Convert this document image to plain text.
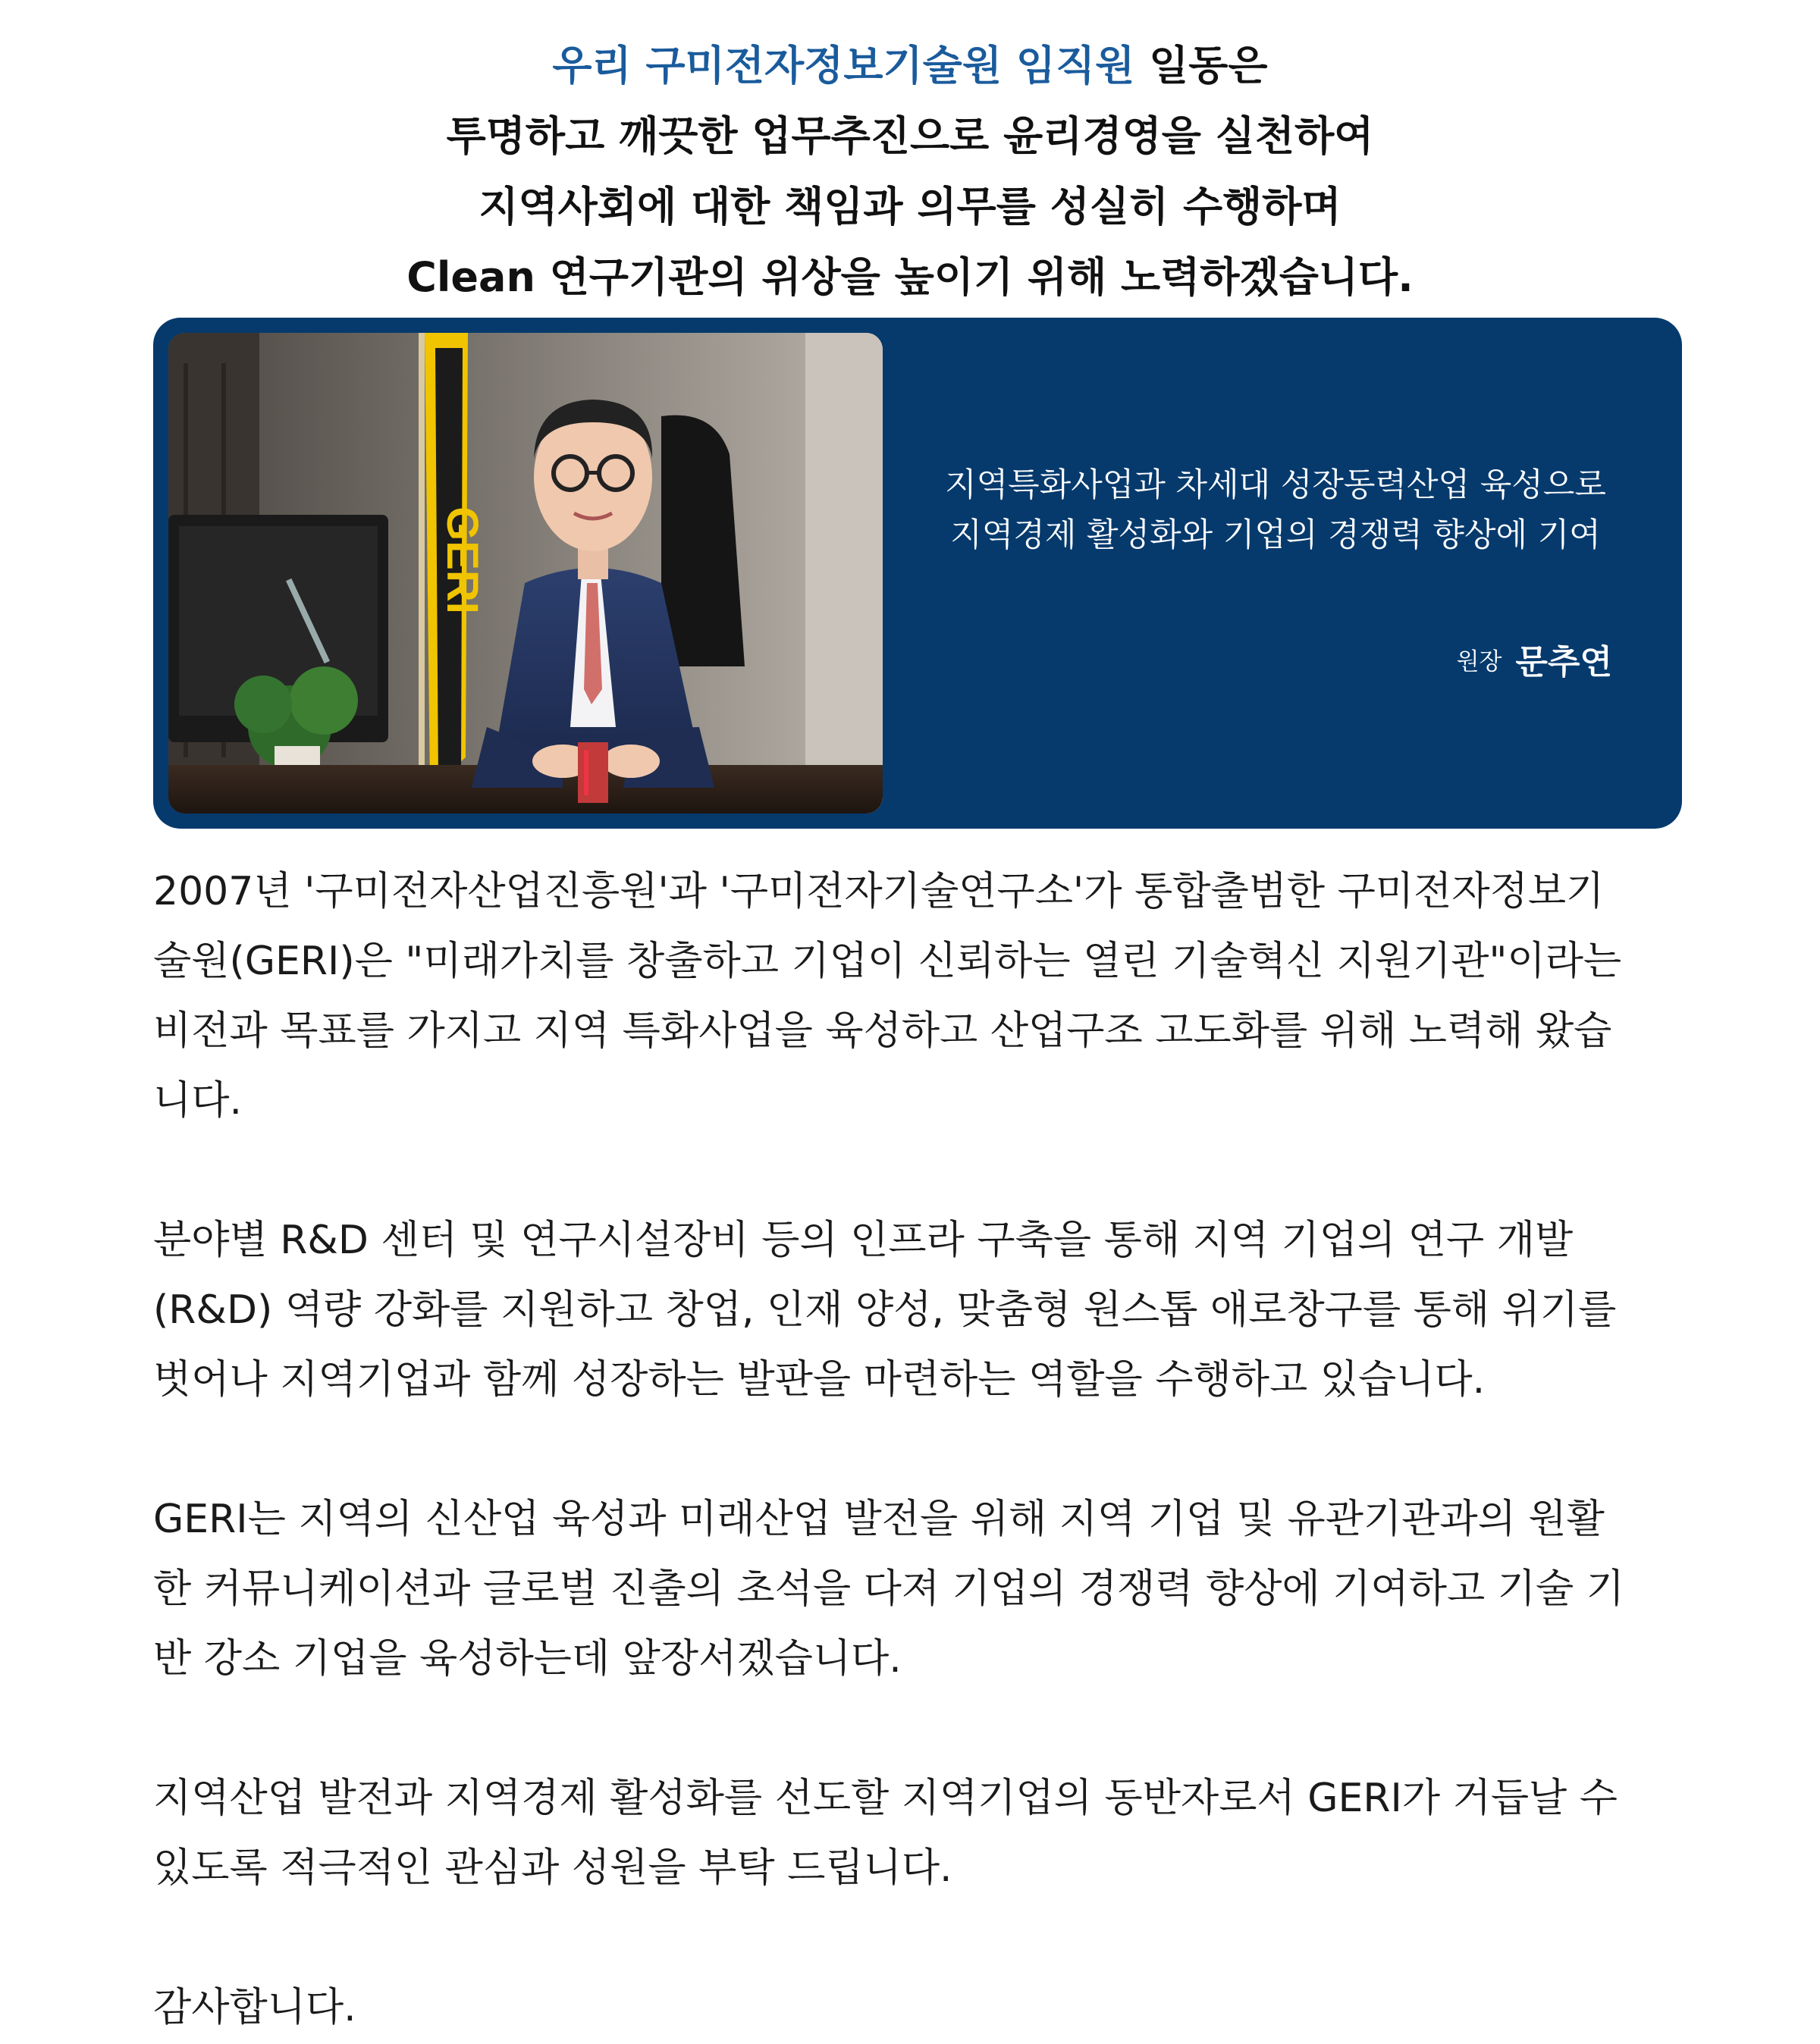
우리 구미전자정보기술원 임직원 일동은
투명하고 깨끗한 업무추진으로 윤리경영을 실천하여
지역사회에 대한 책임과 의무를 성실히 수행하며
Clean 연구기관의 위상을 높이기 위해 노력하겠습니다.
GERI
지역특화사업과 차세대 성장동력산업 육성으로
지역경제 활성화와 기업의 경쟁력 향상에 기여
원장 문추연
2007년 '구미전자산업진흥원'과 '구미전자기술연구소'가 통합출범한 구미전자정보기
술원(GERI)은 "미래가치를 창출하고 기업이 신뢰하는 열린 기술혁신 지원기관"이라는
비전과 목표를 가지고 지역 특화사업을 육성하고 산업구조 고도화를 위해 노력해 왔습
니다.
분야별 R&D 센터 및 연구시설장비 등의 인프라 구축을 통해 지역 기업의 연구 개발
(R&D) 역량 강화를 지원하고 창업, 인재 양성, 맞춤형 원스톱 애로창구를 통해 위기를
벗어나 지역기업과 함께 성장하는 발판을 마련하는 역할을 수행하고 있습니다.
GERI는 지역의 신산업 육성과 미래산업 발전을 위해 지역 기업 및 유관기관과의 원활
한 커뮤니케이션과 글로벌 진출의 초석을 다져 기업의 경쟁력 향상에 기여하고 기술 기
반 강소 기업을 육성하는데 앞장서겠습니다.
지역산업 발전과 지역경제 활성화를 선도할 지역기업의 동반자로서 GERI가 거듭날 수
있도록 적극적인 관심과 성원을 부탁 드립니다.
감사합니다.
